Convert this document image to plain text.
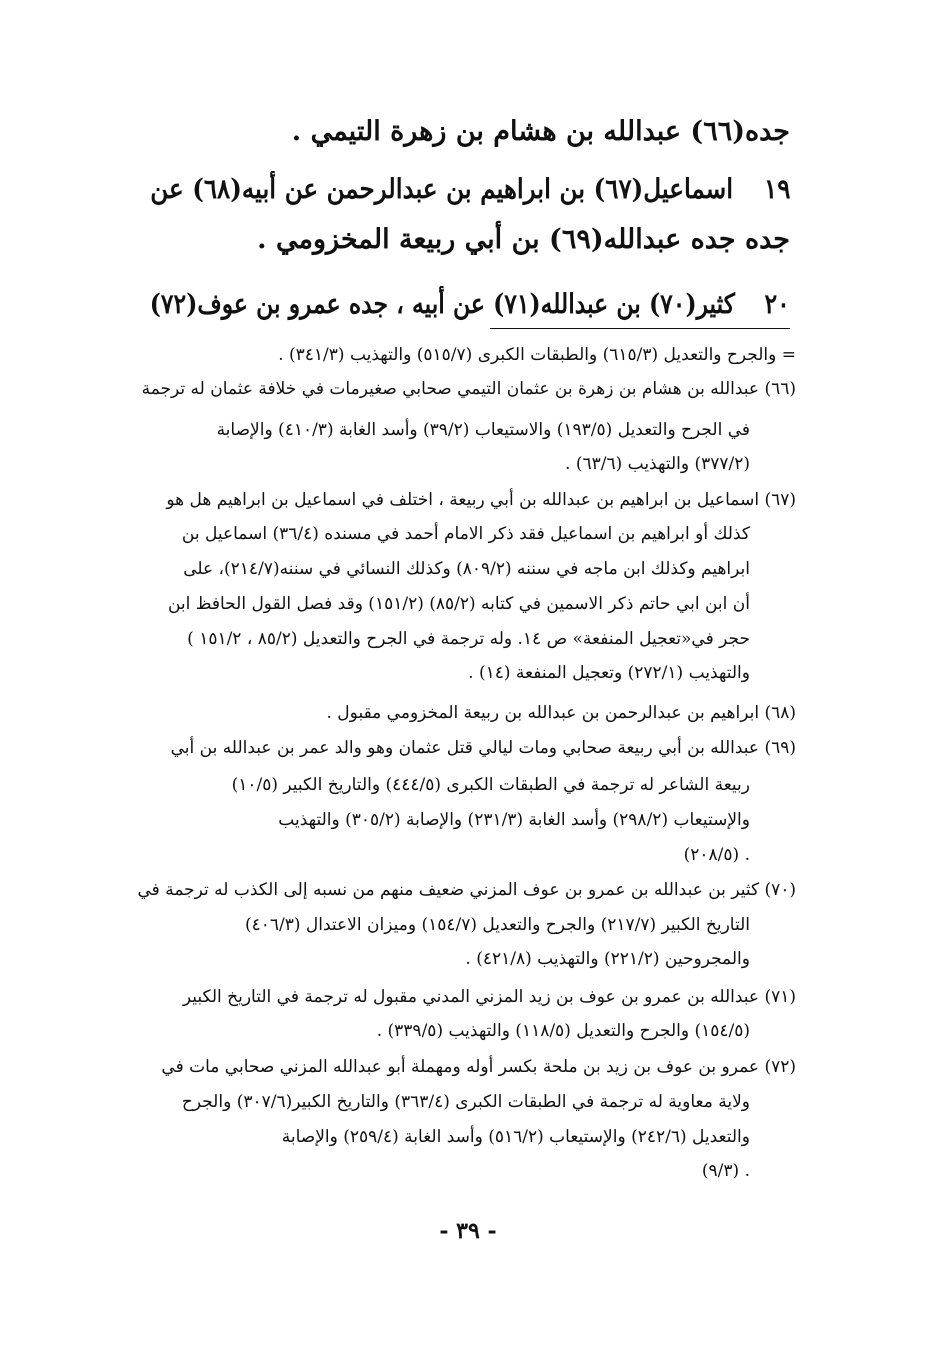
جده(٦٦) عبدالله بن هشام بن زهرة التيمي .
١٩اسماعيل(٦٧) بن ابراهيم بن عبدالرحمن عن أبيه(٦٨) عن
جده جده عبدالله(٦٩) بن أبي ربيعة المخزومي .
٢٠كثير(٧٠) بن عبدالله(٧١) عن أبيه ، جده عمرو بن عوف(٧٢)
= والجرح والتعديل (٦١٥/٣) والطبقات الكبرى (٥١٥/٧) والتهذيب (٣٤١/٣) .
(٦٦) عبدالله بن هشام بن زهرة بن عثمان التيمي صحابي صغيرمات في خلافة عثمان له ترجمة
في الجرح والتعديل (١٩٣/٥) والاستيعاب (٣٩/٢) وأسد الغابة (٤١٠/٣) والإصابة
(٣٧٧/٢) والتهذيب (٦٣/٦) .
(٦٧) اسماعيل بن ابراهيم بن عبدالله بن أبي ربيعة ، اختلف في اسماعيل بن ابراهيم هل هو
كذلك أو ابراهيم بن اسماعيل فقد ذكر الامام أحمد في مسنده (٣٦/٤) اسماعيل بن
ابراهيم وكذلك ابن ماجه في سننه (٨٠٩/٢) وكذلك النسائي في سننه(٢١٤/٧)، على
أن ابن ابي حاتم ذكر الاسمين في كتابه (٨٥/٢) (١٥١/٢) وقد فصل القول الحافظ ابن
حجر في«تعجيل المنفعة» ص ١٤. وله ترجمة في الجرح والتعديل (٨٥/٢ ، ١٥١/٢ )
والتهذيب (٢٧٢/١) وتعجيل المنفعة (١٤) .
(٦٨) ابراهيم بن عبدالرحمن بن عبدالله بن ربيعة المخزومي مقبول .
(٦٩) عبدالله بن أبي ربيعة صحابي ومات ليالي قتل عثمان وهو والد عمر بن عبدالله بن أبي
ربيعة الشاعر له ترجمة في الطبقات الكبرى (٤٤٤/٥) والتاريخ الكبير (١٠/٥)
والإستيعاب (٢٩٨/٢) وأسد الغابة (٢٣١/٣) والإصابة (٣٠٥/٢) والتهذيب
(٢٠٨/٥) .
(٧٠) كثير بن عبدالله بن عمرو بن عوف المزني ضعيف منهم من نسبه إلى الكذب له ترجمة في
التاريخ الكبير (٢١٧/٧) والجرح والتعديل (١٥٤/٧) وميزان الاعتدال (٤٠٦/٣)
والمجروحين (٢٢١/٢) والتهذيب (٤٢١/٨) .
(٧١) عبدالله بن عمرو بن عوف بن زيد المزني المدني مقبول له ترجمة في التاريخ الكبير
(١٥٤/٥) والجرح والتعديل (١١٨/٥) والتهذيب (٣٣٩/٥) .
(٧٢) عمرو بن عوف بن زيد بن ملحة بكسر أوله ومهملة أبو عبدالله المزني صحابي مات في
ولاية معاوية له ترجمة في الطبقات الكبرى (٣٦٣/٤) والتاريخ الكبير(٣٠٧/٦) والجرح
والتعديل (٢٤٢/٦) والإستيعاب (٥١٦/٢) وأسد الغابة (٢٥٩/٤) والإصابة
(٩/٣) .
- ٣٩ -
